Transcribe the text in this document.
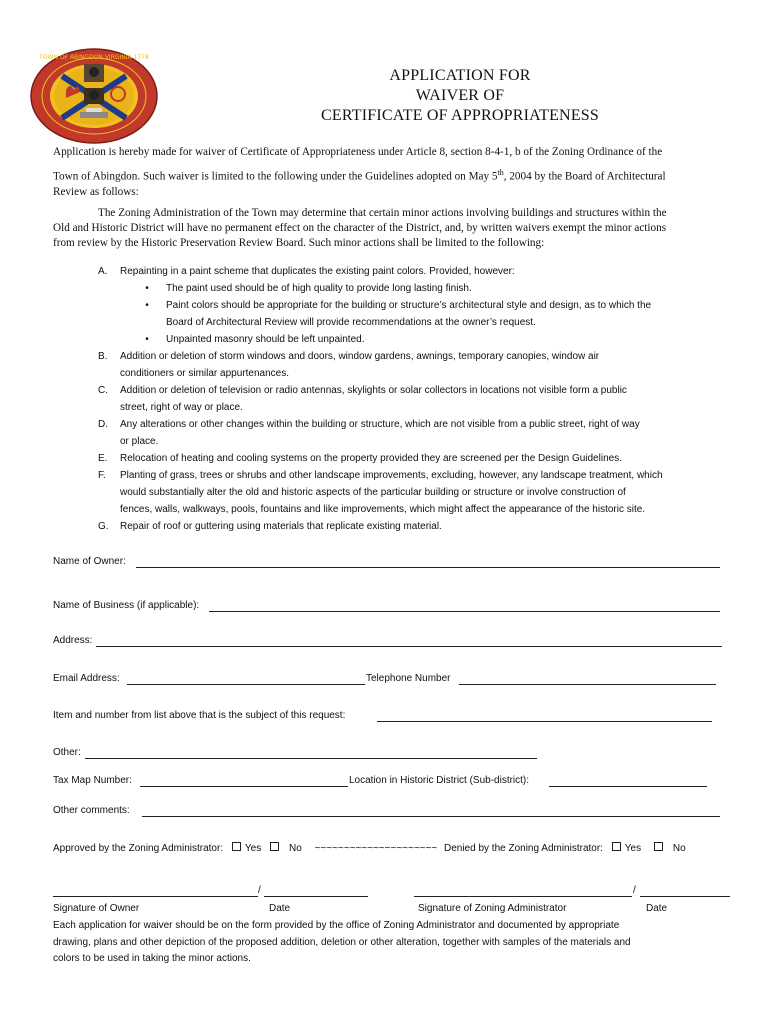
TOWN OF ABINGDON VIRGINIA 1778
APPLICATION FOR
WAIVER OF
CERTIFICATE OF APPROPRIATENESS
Application is hereby made for waiver of Certificate of Appropriateness under Article 8, section 8-4-1, b of the Zoning Ordinance of the
Town of Abingdon. Such waiver is limited to the following under the Guidelines adopted on May 5th, 2004 by the Board of Architectural
Review as follows:
The Zoning Administration of the Town may determine that certain minor actions involving buildings and structures within the
Old and Historic District will have no permanent effect on the character of the District, and, by written waivers exempt the minor actions
from review by the Historic Preservation Review Board. Such minor actions shall be limited to the following:
A.	Repainting in a paint scheme that duplicates the existing paint colors. Provided, however:
•	The paint used should be of high quality to provide long lasting finish.
•	Paint colors should be appropriate for the building or structure’s architectural style and design, as to which the
Board of Architectural Review will provide recommendations at the owner’s request.
•	Unpainted masonry should be left unpainted.
B.	Addition or deletion of storm windows and doors, window gardens, awnings, temporary canopies, window air
conditioners or similar appurtenances.
C.	Addition or deletion of television or radio antennas, skylights or solar collectors in locations not visible form a public
street, right of way or place.
D.	Any alterations or other changes within the building or structure, which are not visible from a public street, right of way
or place.
E.	Relocation of heating and cooling systems on the property provided they are screened per the Design Guidelines.
F.	Planting of grass, trees or shrubs and other landscape improvements, excluding, however, any landscape treatment, which
would substantially alter the old and historic aspects of the particular building or structure or involve construction of
fences, walls, walkways, pools, fountains and like improvements, which might affect the appearance of the historic site.
G.	Repair of roof or guttering using materials that replicate existing material.
Name of Owner:
Name of Business (if applicable):
Address:
Email Address:	Telephone Number
Item and number from list above that is the subject of this request:
Other:
Tax Map Number:	Location in Historic District (Sub-district):
Other comments:
Approved by the Zoning Administrator: Yes	No ~~~~~~~~~~~~~~~~~~~~~ Denied by the Zoning Administrator: Yes	No
/	/
Signature of Owner	Date	Signature of Zoning Administrator	Date
Each application for waiver should be on the form provided by the office of Zoning Administrator and documented by appropriate
drawing, plans and other depiction of the proposed addition, deletion or other alteration, together with samples of the materials and
colors to be used in taking the minor actions.
